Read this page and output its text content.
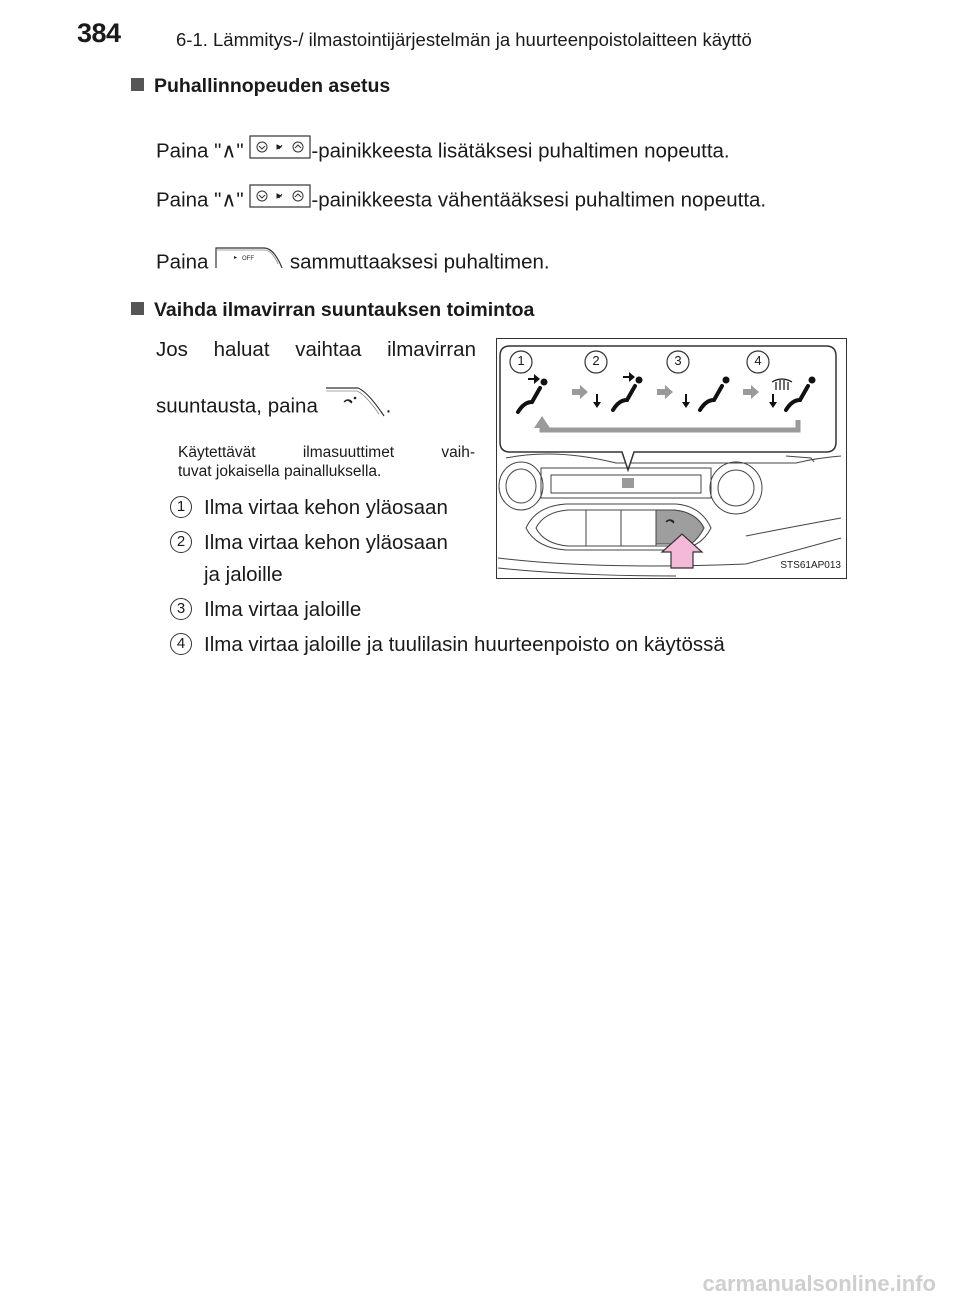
384	6-1. Lämmitys-/ ilmastointijärjestelmän ja huurteenpoistolaitteen käyttö
Puhallinnopeuden asetus
Paina "∧"	-painikkeesta lisätäksesi puhaltimen nopeutta.
Paina "∧"	-painikkeesta vähentääksesi puhaltimen nopeutta.
Paina	OFF sammuttaaksesi puhaltimen.
Vaihda ilmavirran suuntauksen toimintoa
Jos haluat vaihtaa ilmavirran
suuntausta, paina	.
Käytettävät	ilmasuuttimet	vaih-
tuvat jokaisella painalluksella.
1 Ilma virtaa kehon yläosaan
2 Ilma virtaa kehon yläosaan
ja jaloille
3 Ilma virtaa jaloille
4 Ilma virtaa jaloille ja tuulilasin huurteenpoisto on käytössä
1	2	3	4
STS61AP013
carmanualsonline.info
